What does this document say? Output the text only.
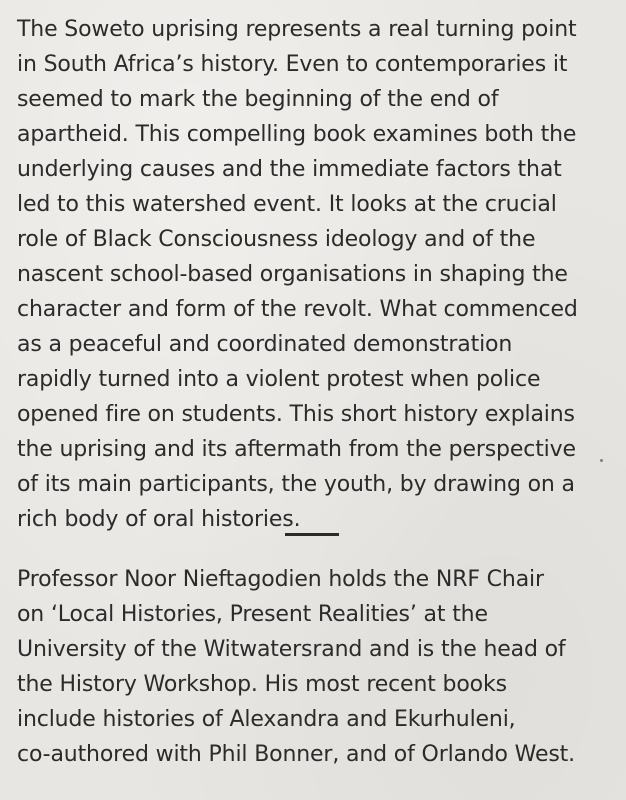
The Soweto uprising represents a real turning point

in South Africa’s history. Even to contemporaries it

seemed to mark the beginning of the end of

apartheid. This compelling book examines both the

underlying causes and the immediate factors that

led to this watershed event. It looks at the crucial

role of Black Consciousness ideology and of the

nascent school-based organisations in shaping the

character and form of the revolt. What commenced

as a peaceful and coordinated demonstration

rapidly turned into a violent protest when police

opened fire on students. This short history explains

the uprising and its aftermath from the perspective

of its main participants, the youth, by drawing on a

rich body of oral histories.

Professor Noor Nieftagodien holds the NRF Chair

on ‘Local Histories, Present Realities’ at the

University of the Witwatersrand and is the head of

the History Workshop. His most recent books

include histories of Alexandra and Ekurhuleni,

co-authored with Phil Bonner, and of Orlando West.
